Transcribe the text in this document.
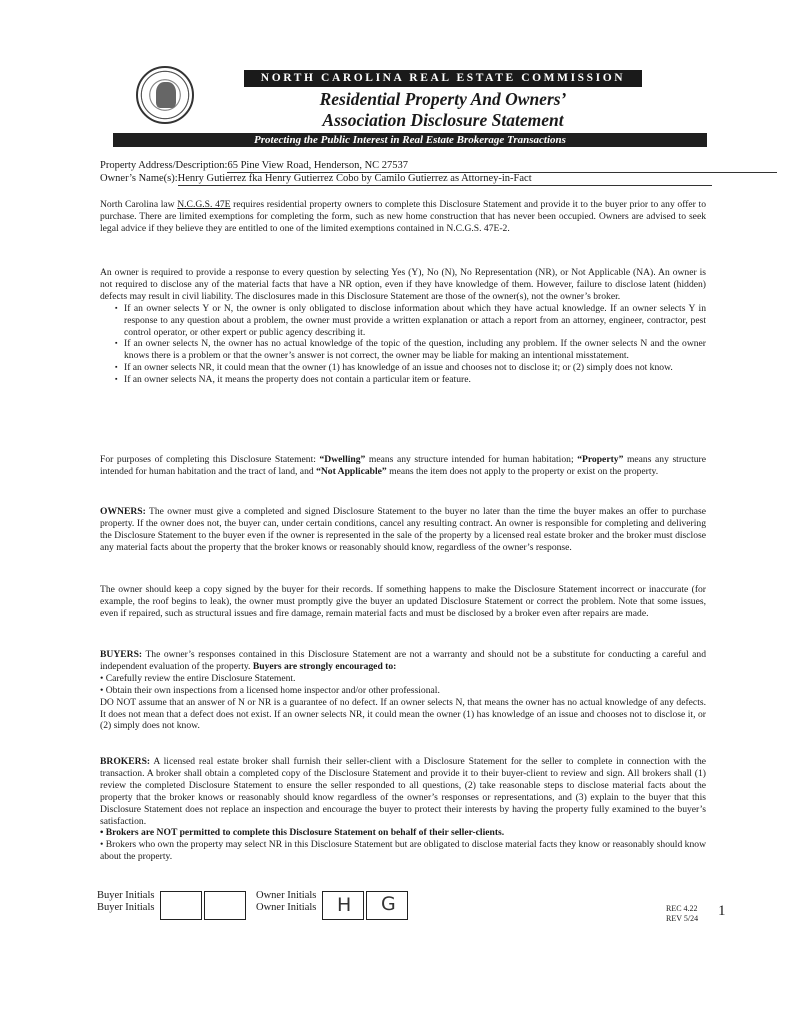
NORTH CAROLINA REAL ESTATE COMMISSION
Residential Property And Owners’
Association Disclosure Statement
Protecting the Public Interest in Real Estate Brokerage Transactions
Property Address/Description:65 Pine View Road, Henderson, NC 27537
Owner’s Name(s):Henry Gutierrez fka Henry Gutierrez Cobo by Camilo Gutierrez as Attorney-in-Fact

North Carolina law N.C.G.S. 47E requires residential property owners to complete this Disclosure Statement and provide it to the buyer prior to any offer to purchase. There are limited exemptions for completing the form, such as new home construction that has never been occupied. Owners are advised to seek legal advice if they believe they are entitled to one of the limited exemptions contained in N.C.G.S. 47E-2.

An owner is required to provide a response to every question by selecting Yes (Y), No (N), No Representation (NR), or Not Applicable (NA). An owner is not required to disclose any of the material facts that have a NR option, even if they have knowledge of them. However, failure to disclose latent (hidden) defects may result in civil liability. The disclosures made in this Disclosure Statement are those of the owner(s), not the owner’s broker.

▪ If an owner selects Y or N, the owner is only obligated to disclose information about which they have actual knowledge. If an owner selects Y in response to any question about a problem, the owner must provide a written explanation or attach a report from an attorney, engineer, contractor, pest control operator, or other expert or public agency describing it.
▪ If an owner selects N, the owner has no actual knowledge of the topic of the question, including any problem. If the owner selects N and the owner knows there is a problem or that the owner’s answer is not correct, the owner may be liable for making an intentional misstatement.
▪ If an owner selects NR, it could mean that the owner (1) has knowledge of an issue and chooses not to disclose it; or (2) simply does not know.
▪ If an owner selects NA, it means the property does not contain a particular item or feature.

For purposes of completing this Disclosure Statement: “Dwelling” means any structure intended for human habitation; “Property” means any structure intended for human habitation and the tract of land, and “Not Applicable” means the item does not apply to the property or exist on the property.

OWNERS: The owner must give a completed and signed Disclosure Statement to the buyer no later than the time the buyer makes an offer to purchase property. If the owner does not, the buyer can, under certain conditions, cancel any resulting contract. An owner is responsible for completing and delivering the Disclosure Statement to the buyer even if the owner is represented in the sale of the property by a licensed real estate broker and the broker must disclose any material facts about the property that the broker knows or reasonably should know, regardless of the owner’s response.

The owner should keep a copy signed by the buyer for their records. If something happens to make the Disclosure Statement incorrect or inaccurate (for example, the roof begins to leak), the owner must promptly give the buyer an updated Disclosure Statement or correct the problem. Note that some issues, even if repaired, such as structural issues and fire damage, remain material facts and must be disclosed by a broker even after repairs are made.

BUYERS: The owner’s responses contained in this Disclosure Statement are not a warranty and should not be a substitute for conducting a careful and independent evaluation of the property. Buyers are strongly encouraged to:

• Carefully review the entire Disclosure Statement.

• Obtain their own inspections from a licensed home inspector and/or other professional.

DO NOT assume that an answer of N or NR is a guarantee of no defect. If an owner selects N, that means the owner has no actual knowledge of any defects. It does not mean that a defect does not exist. If an owner selects NR, it could mean the owner (1) has knowledge of an issue and chooses not to disclose it, or (2) simply does not know.

BROKERS: A licensed real estate broker shall furnish their seller-client with a Disclosure Statement for the seller to complete in connection with the transaction. A broker shall obtain a completed copy of the Disclosure Statement and provide it to their buyer-client to review and sign. All brokers shall (1) review the completed Disclosure Statement to ensure the seller responded to all questions, (2) take reasonable steps to disclose material facts about the property that the broker knows or reasonably should know regardless of the owner’s responses or representations, and (3) explain to the buyer that this Disclosure Statement does not replace an inspection and encourage the buyer to protect their interests by having the property fully examined to the buyer’s satisfaction.

• Brokers are NOT permitted to complete this Disclosure Statement on behalf of their seller-clients.

• Brokers who own the property may select NR in this Disclosure Statement but are obligated to disclose material facts they know or reasonably should know about the property.

Buyer Initials
Buyer Initials
Owner Initials
Owner Initials H G	REC 4.22
REV 5/24 1
